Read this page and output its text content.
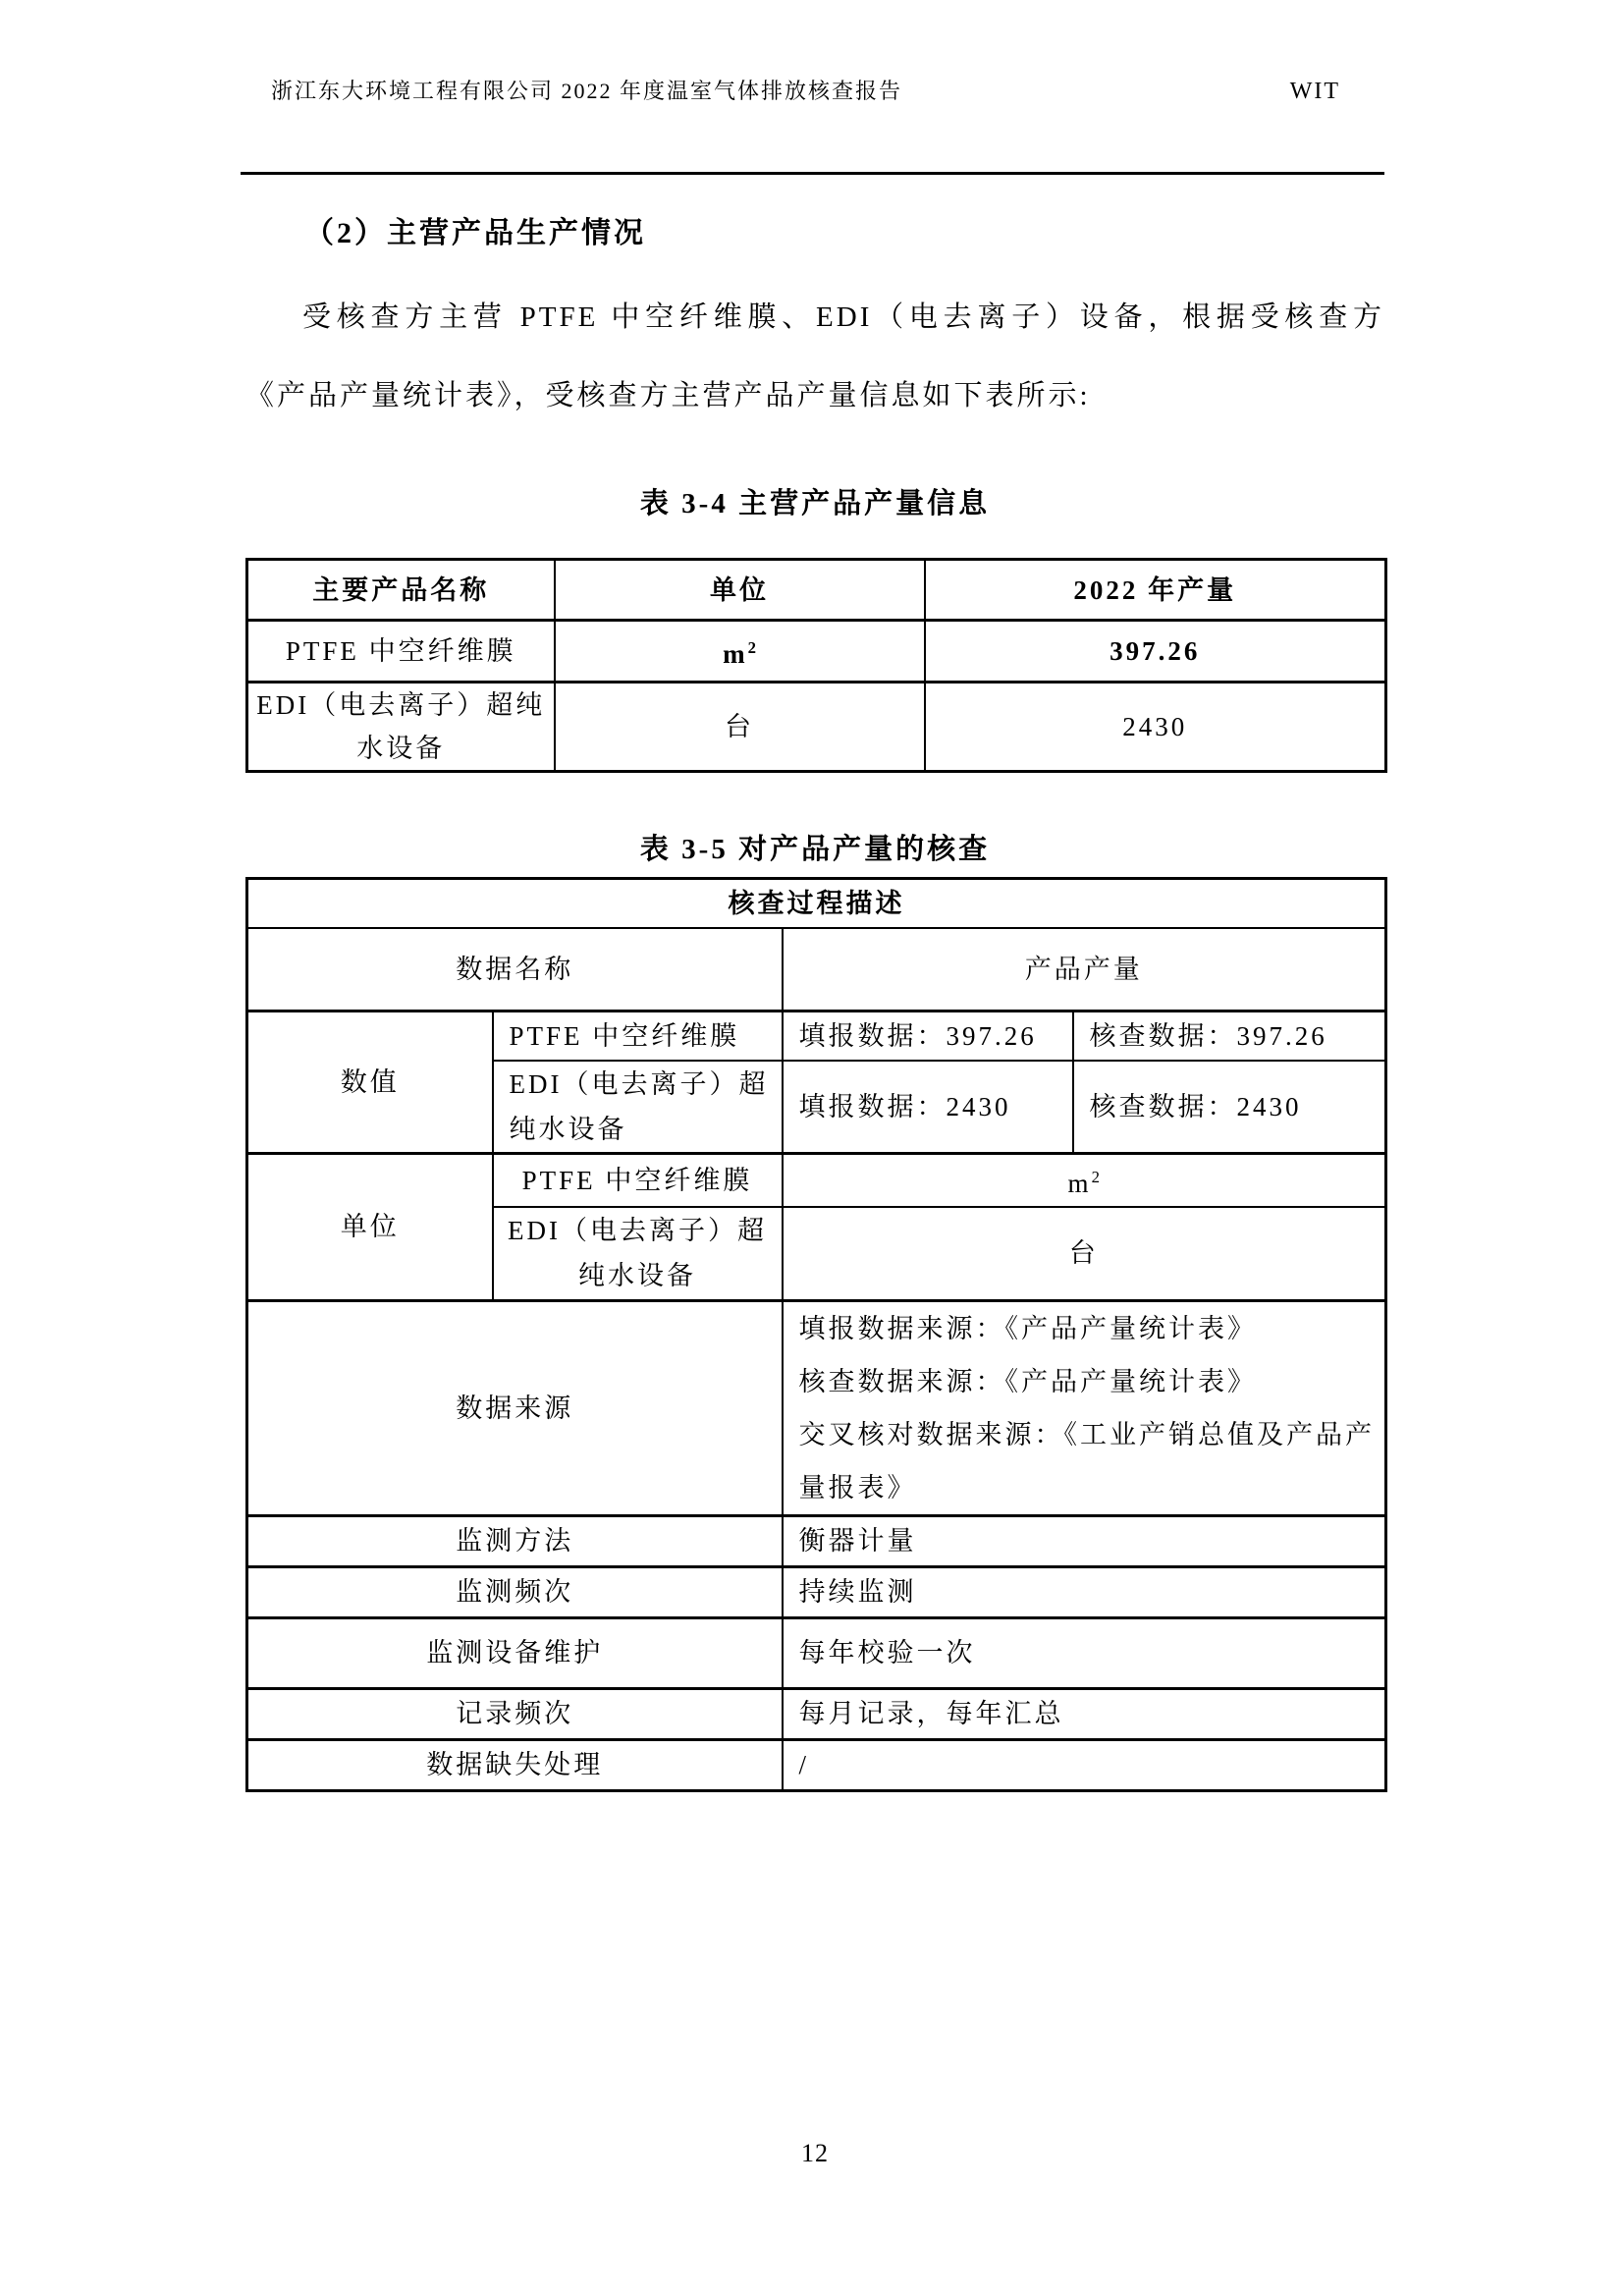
浙江东大环境工程有限公司 2022 年度温室气体排放核查报告	WIT
（2）主营产品生产情况
受核查方主营 PTFE 中空纤维膜、EDI（电去离子）设备，根据受核查方
《产品产量统计表》，受核查方主营产品产量信息如下表所示:
表 3-4 主营产品产量信息
主要产品名称	单位	2022 年产量
PTFE 中空纤维膜	$m^2$	397.26
EDI（电去离子）超纯
水设备	台	2430
表 3-5 对产品产量的核查
核查过程描述			
数据名称		产品产量	
数值	PTFE 中空纤维膜	填报数据：397.26	核查数据：397.26
	EDI（电去离子）超
纯水设备	填报数据：2430	核查数据：2430
单位	PTFE 中空纤维膜	$m^2$
	EDI（电去离子）超
纯水设备	台	
数据来源		填报数据来源：《产品产量统计表》
核查数据来源：《产品产量统计表》
交叉核对数据来源：《工业产销总值及产品产
量报表》	

监测方法		衡器计量	
监测频次		持续监测	
监测设备维护		每年校验一次	
记录频次		每月记录，每年汇总	
数据缺失处理		/	
12
